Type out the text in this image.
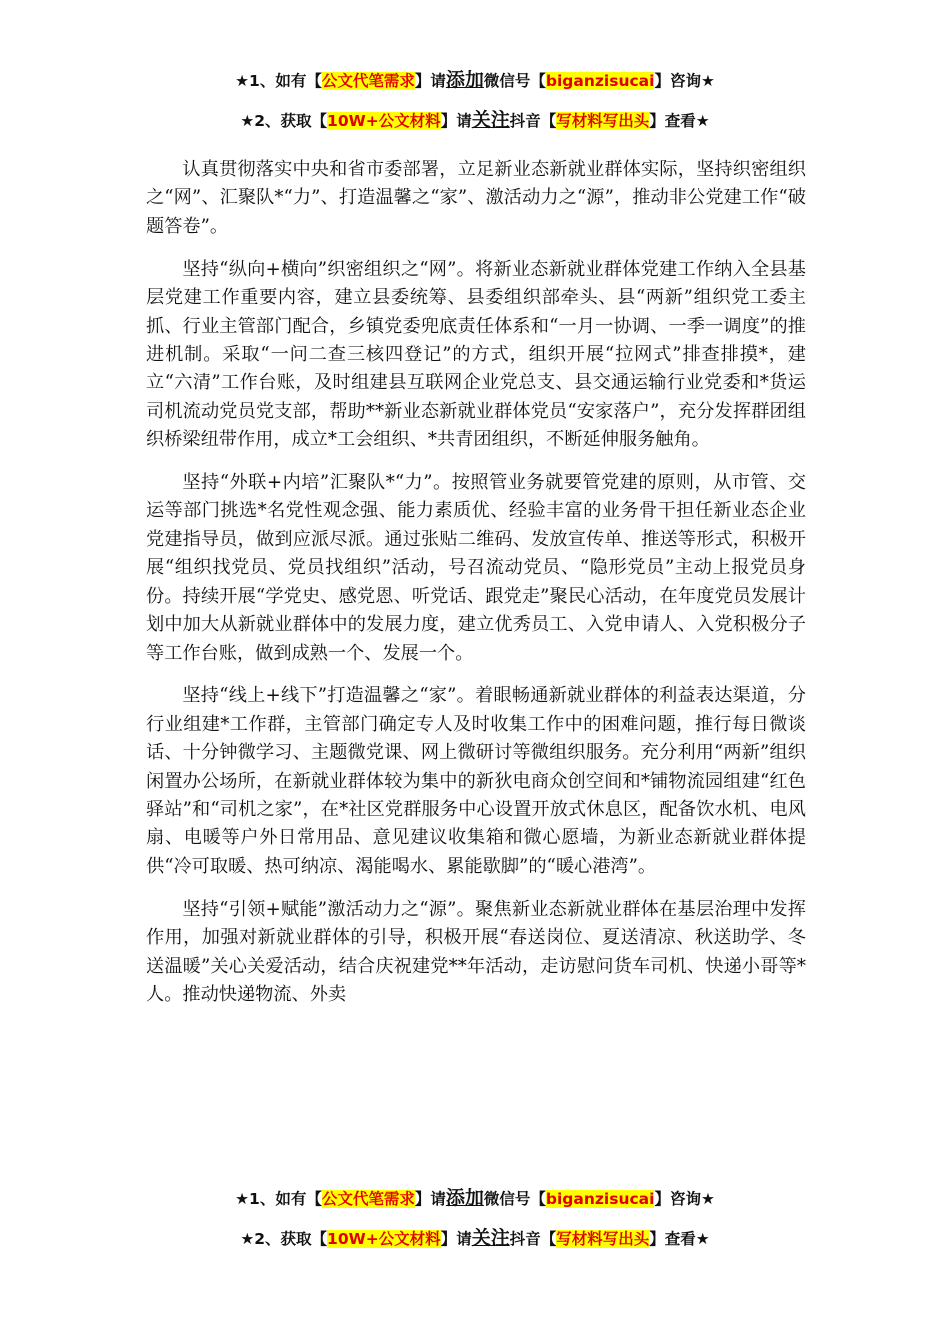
★1、如有【公文代笔需求】请添加微信号【biganzisucai】咨询★
★2、获取【10W+公文材料】请关注抖音【写材料写出头】查看★

认真贯彻落实中央和省市委部署，立足新业态新就业群体实际，坚持织密组织之“网”、汇聚队*“力”、打造温馨之“家”、激活动力之“源”，推动非公党建工作“破题答卷”。

坚持“纵向+横向”织密组织之“网”。将新业态新就业群体党建工作纳入全县基层党建工作重要内容，建立县委统筹、县委组织部牵头、县“两新”组织党工委主抓、行业主管部门配合，乡镇党委兜底责任体系和“一月一协调、一季一调度”的推进机制。采取“一问二查三核四登记”的方式，组织开展“拉网式”排查排摸*，建立“六清”工作台账，及时组建县互联网企业党总支、县交通运输行业党委和*货运司机流动党员党支部，帮助**新业态新就业群体党员“安家落户”，充分发挥群团组织桥梁纽带作用，成立*工会组织、*共青团组织，不断延伸服务触角。

坚持“外联+内培”汇聚队*“力”。按照管业务就要管党建的原则，从市管、交运等部门挑选*名党性观念强、能力素质优、经验丰富的业务骨干担任新业态企业党建指导员，做到应派尽派。通过张贴二维码、发放宣传单、推送等形式，积极开展“组织找党员、党员找组织”活动，号召流动党员、“隐形党员”主动上报党员身份。持续开展“学党史、感党恩、听党话、跟党走”聚民心活动，在年度党员发展计划中加大从新就业群体中的发展力度，建立优秀员工、入党申请人、入党积极分子等工作台账，做到成熟一个、发展一个。

坚持“线上+线下”打造温馨之“家”。着眼畅通新就业群体的利益表达渠道，分行业组建*工作群，主管部门确定专人及时收集工作中的困难问题，推行每日微谈话、十分钟微学习、主题微党课、网上微研讨等微组织服务。充分利用“两新”组织闲置办公场所，在新就业群体较为集中的新狄电商众创空间和*铺物流园组建“红色驿站”和“司机之家”，在*社区党群服务中心设置开放式休息区，配备饮水机、电风扇、电暖等户外日常用品、意见建议收集箱和微心愿墙，为新业态新就业群体提供“冷可取暖、热可纳凉、渴能喝水、累能歇脚”的“暖心港湾”。

坚持“引领+赋能”激活动力之“源”。聚焦新业态新就业群体在基层治理中发挥作用，加强对新就业群体的引导，积极开展“春送岗位、夏送清凉、秋送助学、冬送温暖”关心关爱活动，结合庆祝建党**年活动，走访慰问货车司机、快递小哥等*人。推动快递物流、外卖

★1、如有【公文代笔需求】请添加微信号【biganzisucai】咨询★
★2、获取【10W+公文材料】请关注抖音【写材料写出头】查看★
